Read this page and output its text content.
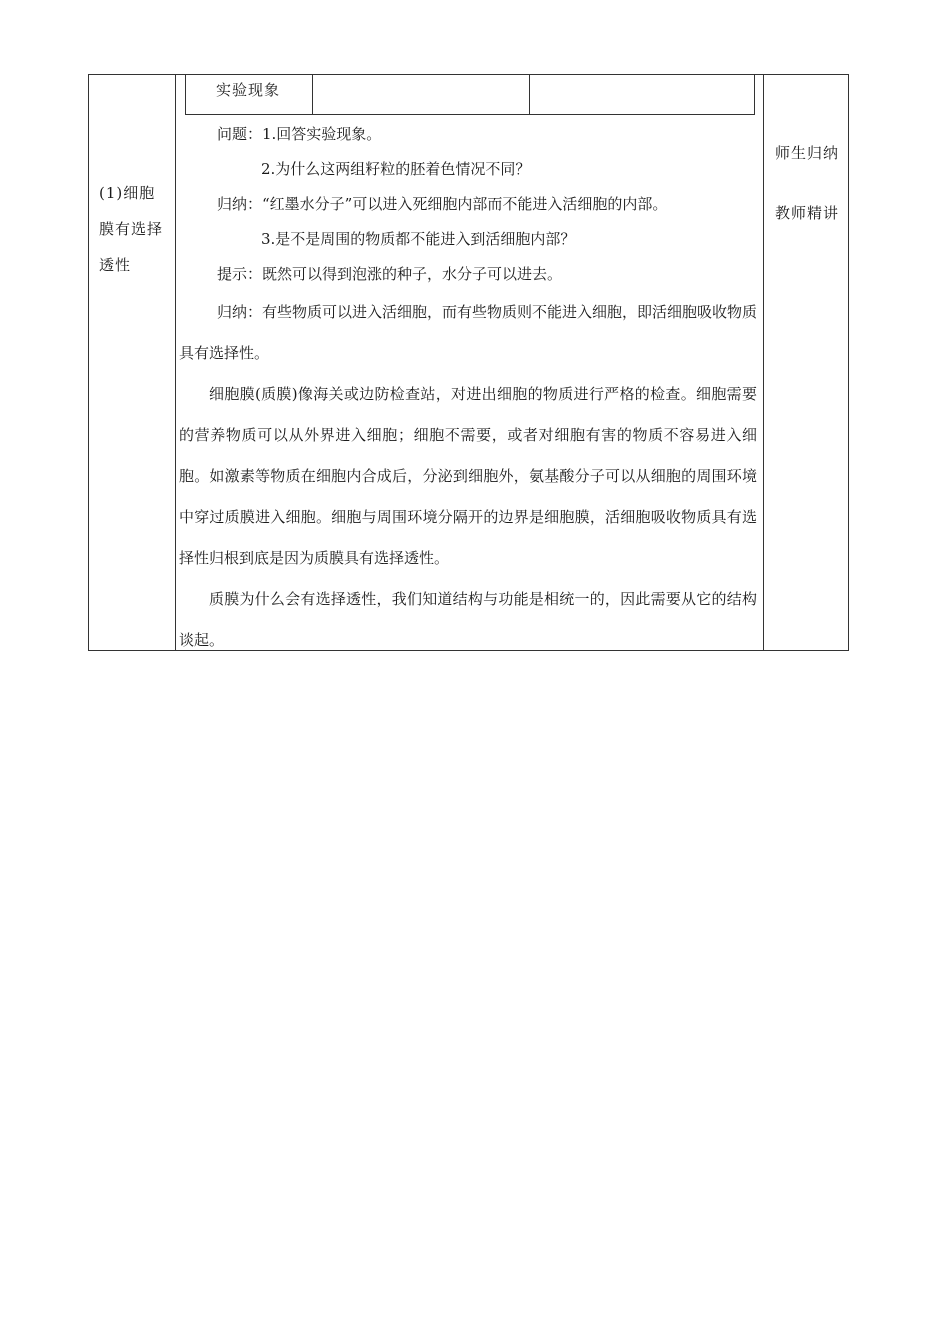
(1)细胞膜有选择透性
师生归纳
教师精讲
实验现象

问题：1.回答实验现象。

2.为什么这两组籽粒的胚着色情况不同？

归纳：“红墨水分子”可以进入死细胞内部而不能进入活细胞的内部。

3.是不是周围的物质都不能进入到活细胞内部？

提示：既然可以得到泡涨的种子，水分子可以进去。

归纳：有些物质可以进入活细胞，而有些物质则不能进入细胞，即活细胞吸收物质具有选择性。

细胞膜(质膜)像海关或边防检查站，对进出细胞的物质进行严格的检查。细胞需要的营养物质可以从外界进入细胞；细胞不需要，或者对细胞有害的物质不容易进入细胞。如激素等物质在细胞内合成后，分泌到细胞外，氨基酸分子可以从细胞的周围环境中穿过质膜进入细胞。细胞与周围环境分隔开的边界是细胞膜，活细胞吸收物质具有选择性归根到底是因为质膜具有选择透性。

质膜为什么会有选择透性，我们知道结构与功能是相统一的，因此需要从它的结构谈起。
